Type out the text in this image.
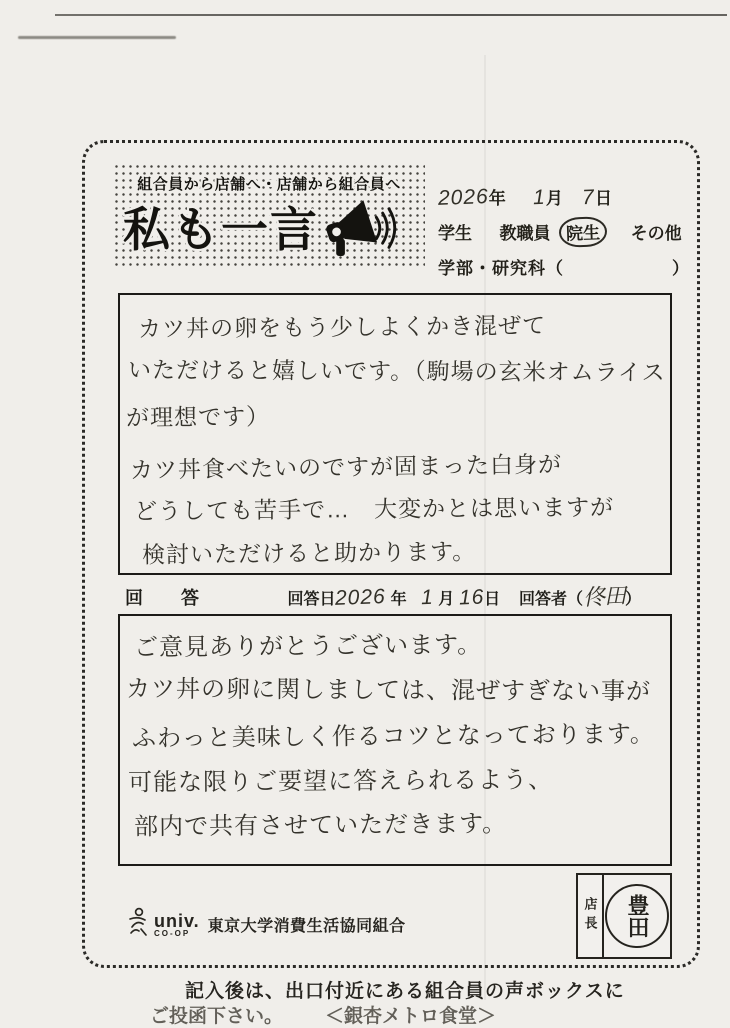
組合員から店舗へ・店舗から組合員へ
私も一言
2026年 1月 7日
学生 教職員 院生 その他
学部・研究科（	）
カツ丼の卵をもう少しよくかき混ぜて
いただけると嬉しいです。（駒場の玄米オムライス
が理想です）
カツ丼食べたいのですが固まった白身が
どうしても苦手で…　大変かとは思いますが
検討いただけると助かります。
回　答	回答日2026 年 1 月 16日 回答者（佟田）
ご意見ありがとうございます。
カツ丼の卵に関しましては、混ぜすぎない事が
ふわっと美味しく作るコツとなっております。
可能な限りご要望に答えられるよう、
部内で共有させていただきます。
univ.
CO-OP	東京大学消費生活協同組合	店長	豊田
記入後は、出口付近にある組合員の声ボックスに
ご投函下さい。 ＜銀杏メトロ食堂＞
